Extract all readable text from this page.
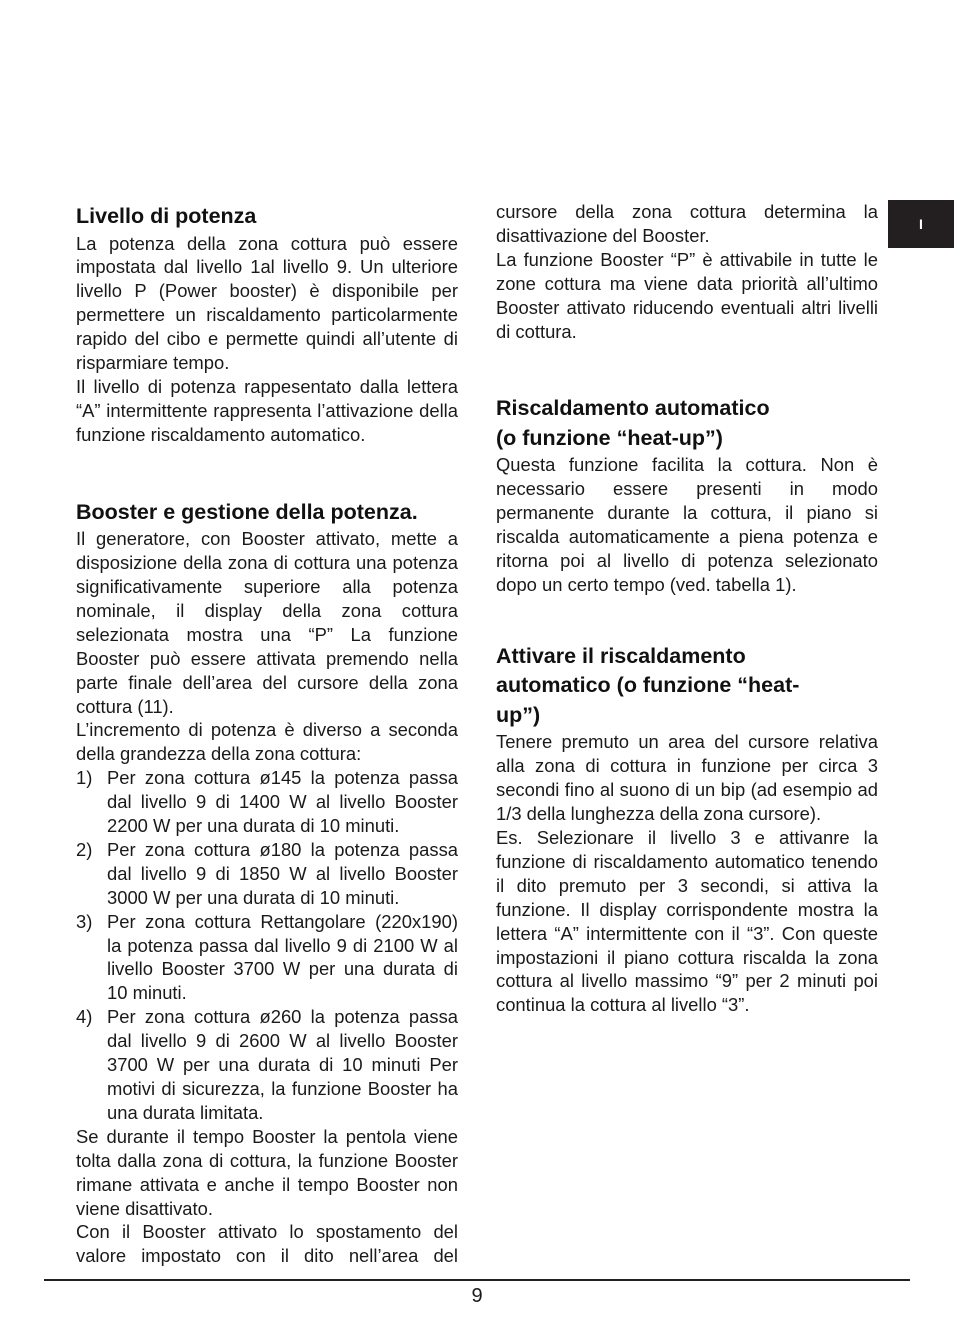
I
Livello di potenza

La potenza della zona cottura può essere impostata dal livello 1al livello 9. Un ulteriore livello P (Power booster) è disponibile per permettere un riscaldamento particolarmente rapido del cibo e permette quindi all’utente di risparmiare tempo.

Il livello di potenza rappesentato dalla lettera “A” intermittente rappresenta l’attivazione della funzione riscaldamento automatico.

Booster e gestione della potenza.

Il generatore, con Booster attivato, mette a disposizione della zona di cottura una potenza significativamente superiore alla potenza nominale, il display della zona cottura selezionata mostra una “P” La funzione Booster può essere attivata premendo nella parte finale dell’area del cursore della zona cottura (11).

L’incremento di potenza è diverso a seconda della grandezza della zona cottura:

1) Per zona cottura ø145 la potenza passa dal livello 9 di 1400 W al livello Booster 2200 W per una durata di 10 minuti.
2) Per zona cottura ø180 la potenza passa dal livello 9 di 1850 W al livello Booster 3000 W per una durata di 10 minuti.
3) Per zona cottura Rettangolare (220x190) la potenza passa dal livello 9 di 2100 W al livello Booster 3700 W per una durata di 10 minuti.
4) Per zona cottura ø260 la potenza passa dal livello 9 di 2600 W al livello Booster 3700 W per una durata di 10 minuti Per motivi di sicurezza, la funzione Booster ha una durata limitata.

Se durante il tempo Booster la pentola viene tolta dalla zona di cottura, la funzione Booster rimane attivata e anche il tempo Booster non viene disattivato.

Con il Booster attivato lo spostamento del valore impostato con il dito nell’area del

cursore della zona cottura determina la disattivazione del Booster.

La funzione Booster “P” è attivabile in tutte le zone cottura ma viene data priorità all’ultimo Booster attivato riducendo eventuali altri livelli di cottura.

Riscaldamento automatico
(o funzione “heat-up”)

Questa funzione facilita la cottura. Non è necessario essere presenti in modo permanente durante la cottura, il piano si riscalda automaticamente a piena potenza e ritorna poi al livello di potenza selezionato dopo un certo tempo (ved. tabella 1).

Attivare il riscaldamento
automatico (o funzione “heat-
up”)

Tenere premuto un area del cursore relativa alla zona di cottura in funzione per circa 3 secondi fino al suono di un bip (ad esempio ad 1/3 della lunghezza della zona cursore).

Es. Selezionare il livello 3 e attivanre la funzione di riscaldamento automatico tenendo il dito premuto per 3 secondi, si attiva la funzione. Il display corrispondente mostra la lettera “A” intermittente con il “3”. Con queste impostazioni il piano cottura riscalda la zona cottura al livello massimo “9” per 2 minuti poi continua la cottura al livello “3”.

9
